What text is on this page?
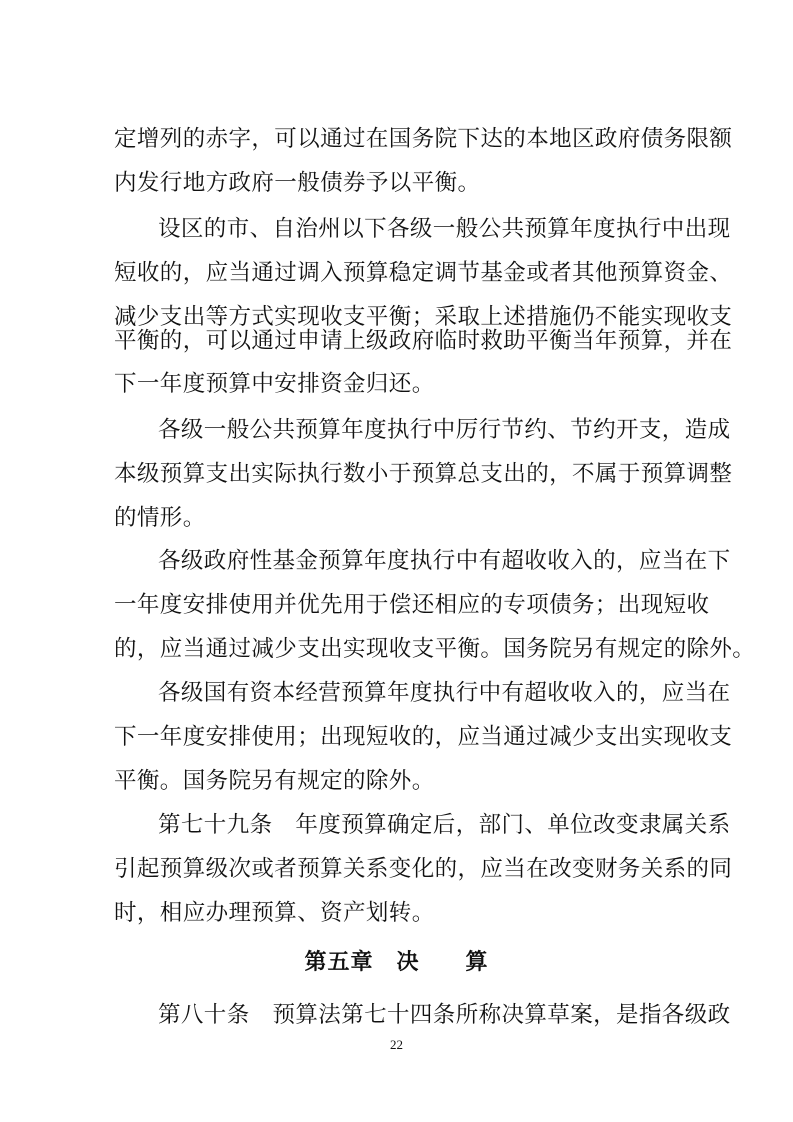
定增列的赤字，可以通过在国务院下达的本地区政府债务限额
内发行地方政府一般债券予以平衡。
设区的市、自治州以下各级一般公共预算年度执行中出现
短收的，应当通过调入预算稳定调节基金或者其他预算资金、
减少支出等方式实现收支平衡；采取上述措施仍不能实现收支
平衡的，可以通过申请上级政府临时救助平衡当年预算，并在
下一年度预算中安排资金归还。
各级一般公共预算年度执行中厉行节约、节约开支，造成
本级预算支出实际执行数小于预算总支出的，不属于预算调整
的情形。
各级政府性基金预算年度执行中有超收收入的，应当在下
一年度安排使用并优先用于偿还相应的专项债务；出现短收
的，应当通过减少支出实现收支平衡。国务院另有规定的除外。
各级国有资本经营预算年度执行中有超收收入的，应当在
下一年度安排使用；出现短收的，应当通过减少支出实现收支
平衡。国务院另有规定的除外。
第七十九条　年度预算确定后，部门、单位改变隶属关系
引起预算级次或者预算关系变化的，应当在改变财务关系的同
时，相应办理预算、资产划转。
第五章　决　　算
第八十条　预算法第七十四条所称决算草案，是指各级政
22
